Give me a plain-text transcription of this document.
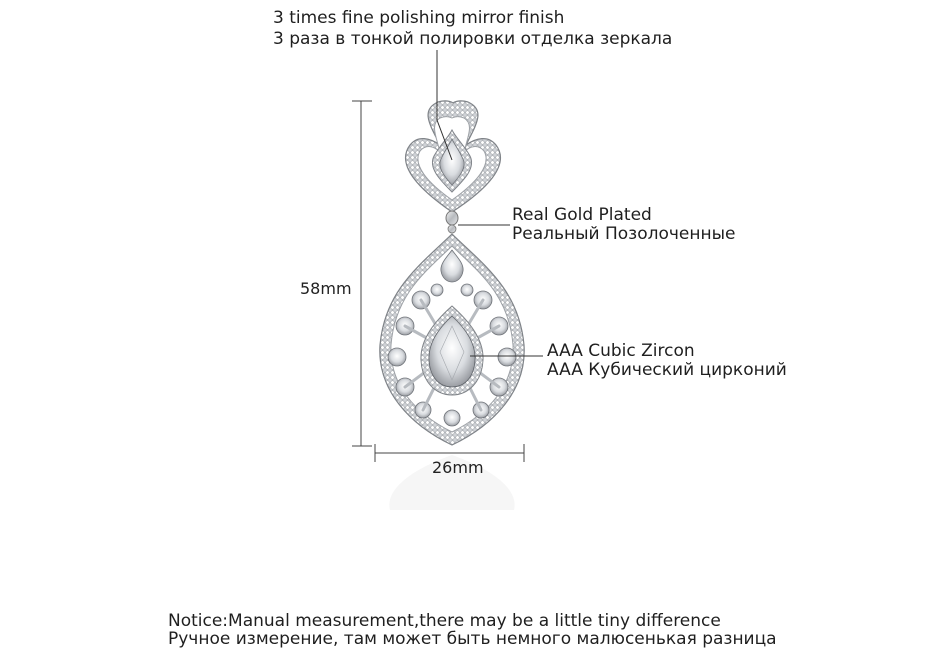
3 times fine polishing mirror finish
3 раза в тонкой полировки отделка зеркала
Real Gold Plated
Реальный Позолоченные
AAA Cubic Zircon
AAA Кубический цирконий
58mm
26mm
Notice:Manual measurement,there may be a little tiny difference
Ручное измерение, там может быть немного малюсенькая разница
